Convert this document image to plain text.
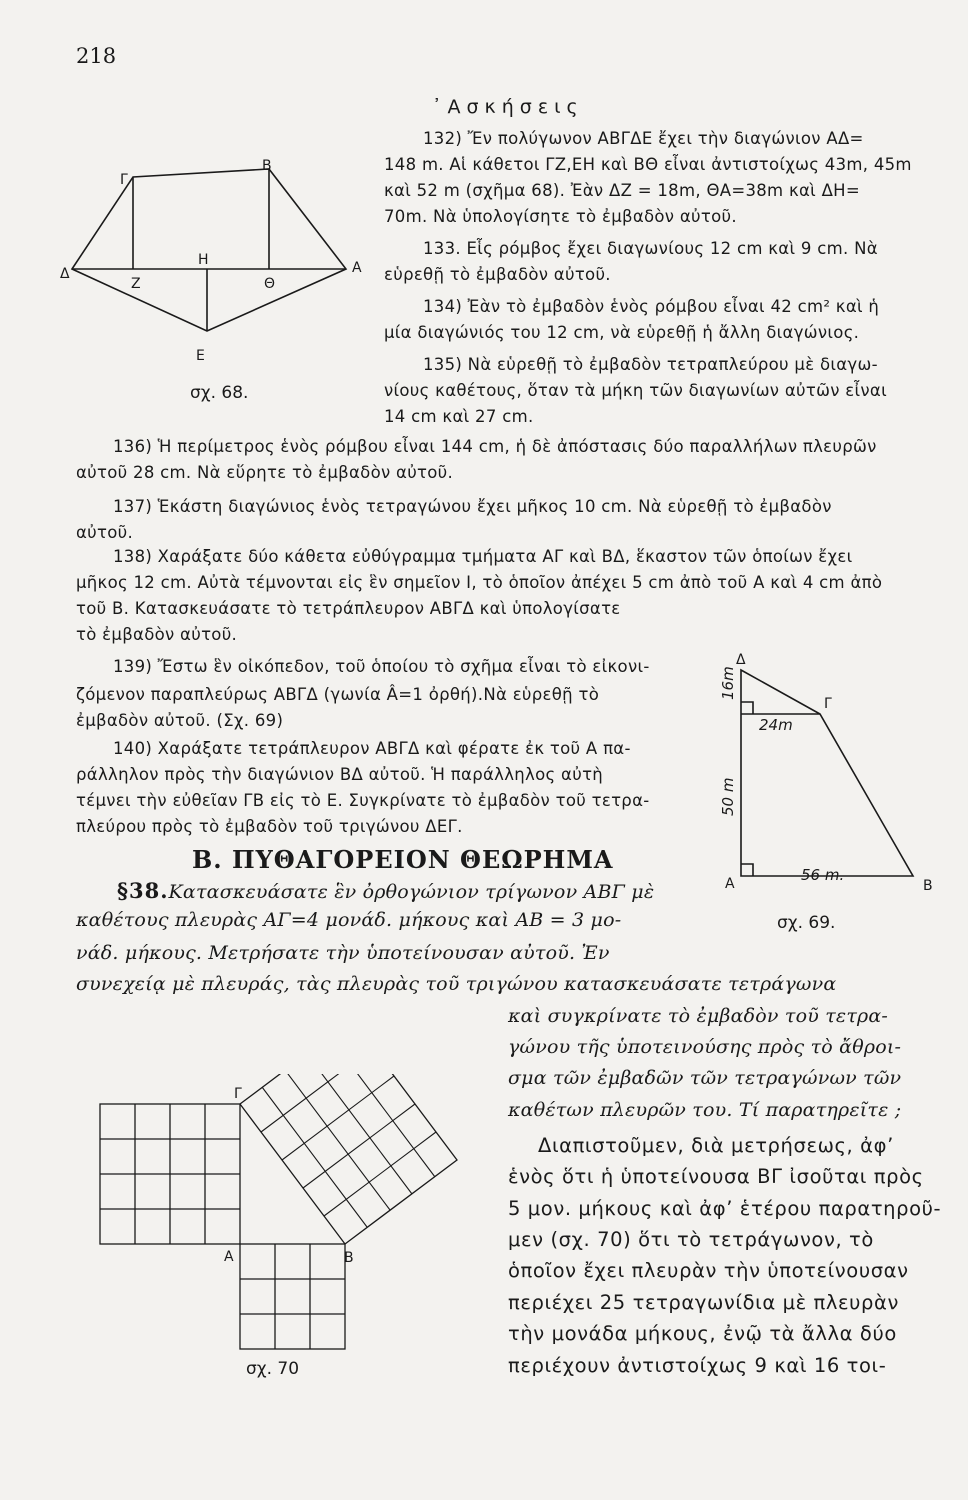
218
᾿Ασκήσεις
Γ
Β
Δ
Ζ
Η
Θ
Α
Ε
σχ. 68.
132) Ἔν πολύγωνον ΑΒΓΔΕ ἔχει τὴν διαγώνιον ΑΔ=
148 m. Αἱ κάθετοι ΓΖ,ΕΗ καὶ ΒΘ εἶναι ἀντιστοίχως 43m, 45m
καὶ 52 m (σχῆμα 68). Ἐὰν ΔΖ = 18m, ΘΑ=38m καὶ ΔΗ=
70m. Νὰ ὑπολογίσητε τὸ ἐμβαδὸν αὐτοῦ.
133. Εἷς ρόμβος ἔχει διαγωνίους 12 cm καὶ 9 cm. Νὰ
εὑρεθῇ τὸ ἐμβαδὸν αὐτοῦ.
134) Ἐὰν τὸ ἐμβαδὸν ἑνὸς ρόμβου εἶναι 42 cm² καὶ ἡ
μία διαγώνιός του 12 cm, νὰ εὑρεθῇ ἡ ἄλλη διαγώνιος.
135) Νὰ εὑρεθῇ τὸ ἐμβαδὸν τετραπλεύρου μὲ διαγω-
νίους καθέτους, ὅταν τὰ μήκη τῶν διαγωνίων αὐτῶν εἶναι
14 cm καὶ 27 cm.
136) Ἡ περίμετρος ἑνὸς ρόμβου εἶναι 144 cm, ἡ δὲ ἀπόστασις δύο παραλλήλων πλευρῶν
αὐτοῦ 28 cm. Νὰ εὕρητε τὸ ἐμβαδὸν αὐτοῦ.
137) Ἑκάστη διαγώνιος ἑνὸς τετραγώνου ἔχει μῆκος 10 cm. Νὰ εὑρεθῇ τὸ ἐμβαδὸν
αὐτοῦ.
138) Χαράξατε δύο κάθετα εὐθύγραμμα τμήματα ΑΓ καὶ ΒΔ, ἕκαστον τῶν ὁποίων ἔχει
μῆκος 12 cm. Αὐτὰ τέμνονται εἰς ἓν σημεῖον Ι, τὸ ὁποῖον ἀπέχει 5 cm ἀπὸ τοῦ Α καὶ 4 cm ἀπὸ
τοῦ Β. Κατασκευάσατε τὸ τετράπλευρον ΑΒΓΔ καὶ ὑπολογίσατε
τὸ ἐμβαδὸν αὐτοῦ.
139) Ἔστω ἓν οἰκόπεδον, τοῦ ὁποίου τὸ σχῆμα εἶναι τὸ εἰκονι-
ζόμενον παραπλεύρως ΑΒΓΔ (γωνία Â=1 ὀρθή).Νὰ εὑρεθῇ τὸ
ἐμβαδὸν αὐτοῦ. (Σχ. 69)
140) Χαράξατε τετράπλευρον ΑΒΓΔ καὶ φέρατε ἐκ τοῦ Α πα-
ράλληλον πρὸς τὴν διαγώνιον ΒΔ αὐτοῦ. Ἡ παράλληλος αὐτὴ
τέμνει τὴν εὐθεῖαν ΓΒ εἰς τὸ Ε. Συγκρίνατε τὸ ἐμβαδὸν τοῦ τετρα-
πλεύρου πρὸς τὸ ἐμβαδὸν τοῦ τριγώνου ΔΕΓ.
Δ
Γ
Α	Β
16m
24m
50 m
56 m.
σχ. 69.
Β. ΠΥΘΑΓΟΡΕΙΟΝ ΘΕΩΡΗΜΑ
§38.Κατασκευάσατε ἓν ὀρθογώνιον τρίγωνον ΑΒΓ μὲ
καθέτους πλευρὰς ΑΓ=4 μονάδ. μήκους καὶ ΑΒ = 3 μο-
νάδ. μήκους. Μετρήσατε τὴν ὑποτείνουσαν αὐτοῦ. Ἐν
συνεχείᾳ μὲ πλευράς, τὰς πλευρὰς τοῦ τριγώνου κατασκευάσατε τετράγωνα
καὶ συγκρίνατε τὸ ἐμβαδὸν τοῦ τετρα-
γώνου τῆς ὑποτεινούσης πρὸς τὸ ἄθροι-
σμα τῶν ἐμβαδῶν τῶν τετραγώνων τῶν
καθέτων πλευρῶν του. Τί παρατηρεῖτε ;
Γ
Α	Β
σχ. 70
Διαπιστοῦμεν, διὰ μετρήσεως, ἀφ’
ἑνὸς ὅτι ἡ ὑποτείνουσα ΒΓ ἰσοῦται πρὸς
5 μον. μήκους καὶ ἀφ’ ἑτέρου παρατηροῦ-
μεν (σχ. 70) ὅτι τὸ τετράγωνον, τὸ
ὁποῖον ἔχει πλευρὰν τὴν ὑποτείνουσαν
περιέχει 25 τετραγωνίδια μὲ πλευρὰν
τὴν μονάδα μήκους, ἐνῷ τὰ ἄλλα δύο
περιέχουν ἀντιστοίχως 9 καὶ 16 τοι-
